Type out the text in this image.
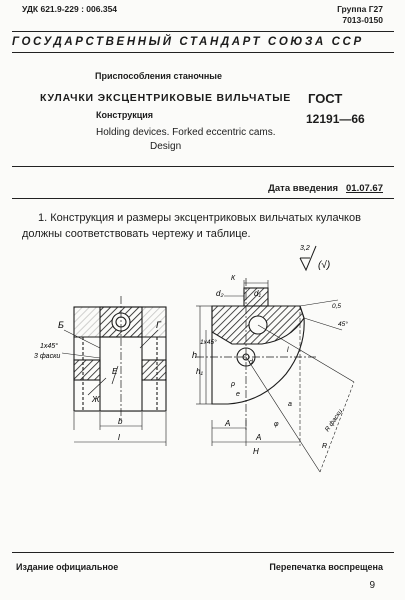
УДК 621.9-229 : 006.354	Группа Г27
7013-0150
ГОСУДАРСТВЕННЫЙ СТАНДАРТ СОЮЗА ССР
Приспособления станочные
КУЛАЧКИ ЭКСЦЕНТРИКОВЫЕ ВИЛЬЧАТЫЕ
Конструкция
Holding devices. Forked eccentric cams.
Design
ГОСТ
12191—66
Дата введения 01.07.67
1. Конструкция и размеры эксцентриковых вильчатых кулачков
должны соответствовать чертежу и таблице.
Б	Г
1х45°
3 фаски
Е
Ж
b
l
К
d₂	d₁
1х45°
h
h₁
ρ
d
A
l
e
H
R
R фаски
45°
0,5
а
φ
А
3,2
(√)
Издание официальное	Перепечатка воспрещена
9
